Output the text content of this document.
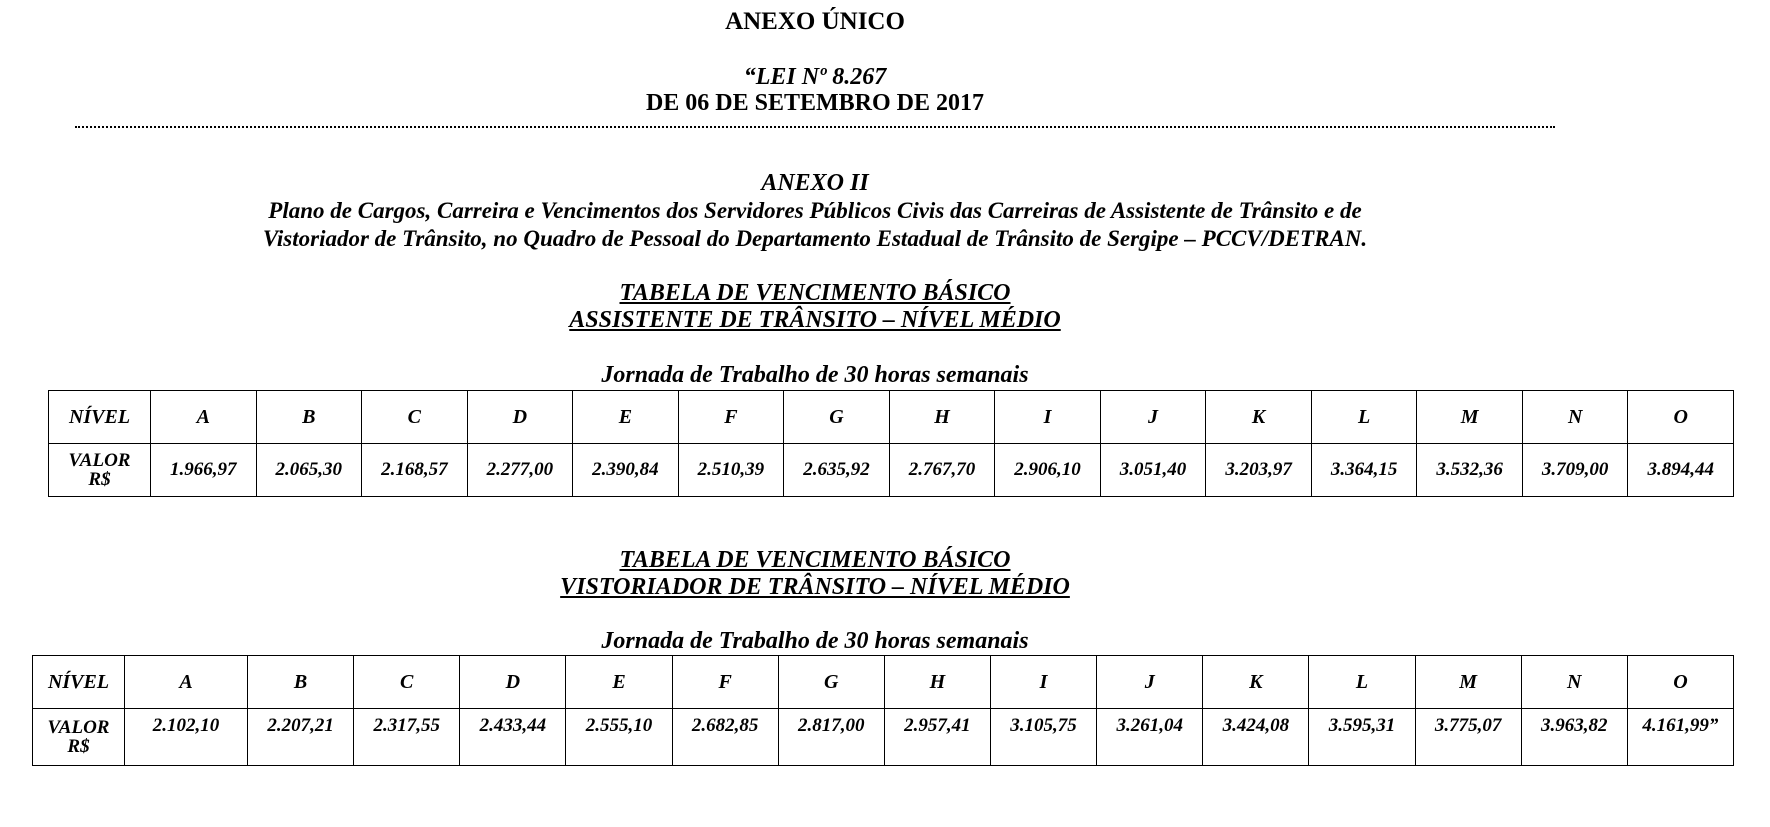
ANEXO ÚNICO
“LEI Nº 8.267
DE 06 DE SETEMBRO DE 2017
ANEXO II
Plano de Cargos, Carreira e Vencimentos dos Servidores Públicos Civis das Carreiras de Assistente de Trânsito e de
Vistoriador de Trânsito, no Quadro de Pessoal do Departamento Estadual de Trânsito de Sergipe – PCCV/DETRAN.
TABELA DE VENCIMENTO BÁSICO
ASSISTENTE DE TRÂNSITO – NÍVEL MÉDIO
Jornada de Trabalho de 30 horas semanais
NÍVEL	A	B	C	D	E	F	G	H	I	J	K	L	M	N	O
VALOR
R$	1.966,97	2.065,30	2.168,57	2.277,00	2.390,84	2.510,39	2.635,92	2.767,70	2.906,10	3.051,40	3.203,97	3.364,15	3.532,36	3.709,00	3.894,44
TABELA DE VENCIMENTO BÁSICO
VISTORIADOR DE TRÂNSITO – NÍVEL MÉDIO
Jornada de Trabalho de 30 horas semanais
NÍVEL	A	B	C	D	E	F	G	H	I	J	K	L	M	N	O
VALOR
R$	2.102,10	2.207,21	2.317,55	2.433,44	2.555,10	2.682,85	2.817,00	2.957,41	3.105,75	3.261,04	3.424,08	3.595,31	3.775,07	3.963,82	4.161,99”
